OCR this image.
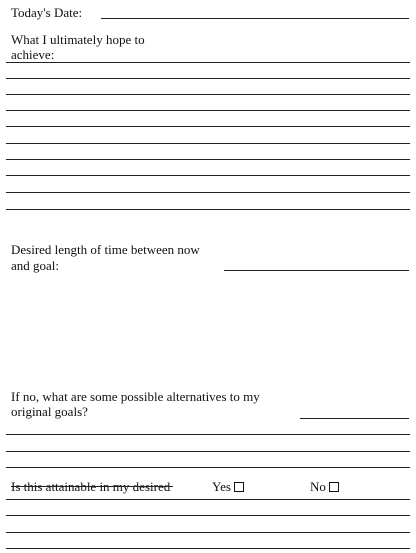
Today's Date:
What I ultimately hope to
achieve:
Desired length of time between now
and goal:
If no, what are some possible alternatives to my
original goals?
Is this attainable in my desired	Yes	No
